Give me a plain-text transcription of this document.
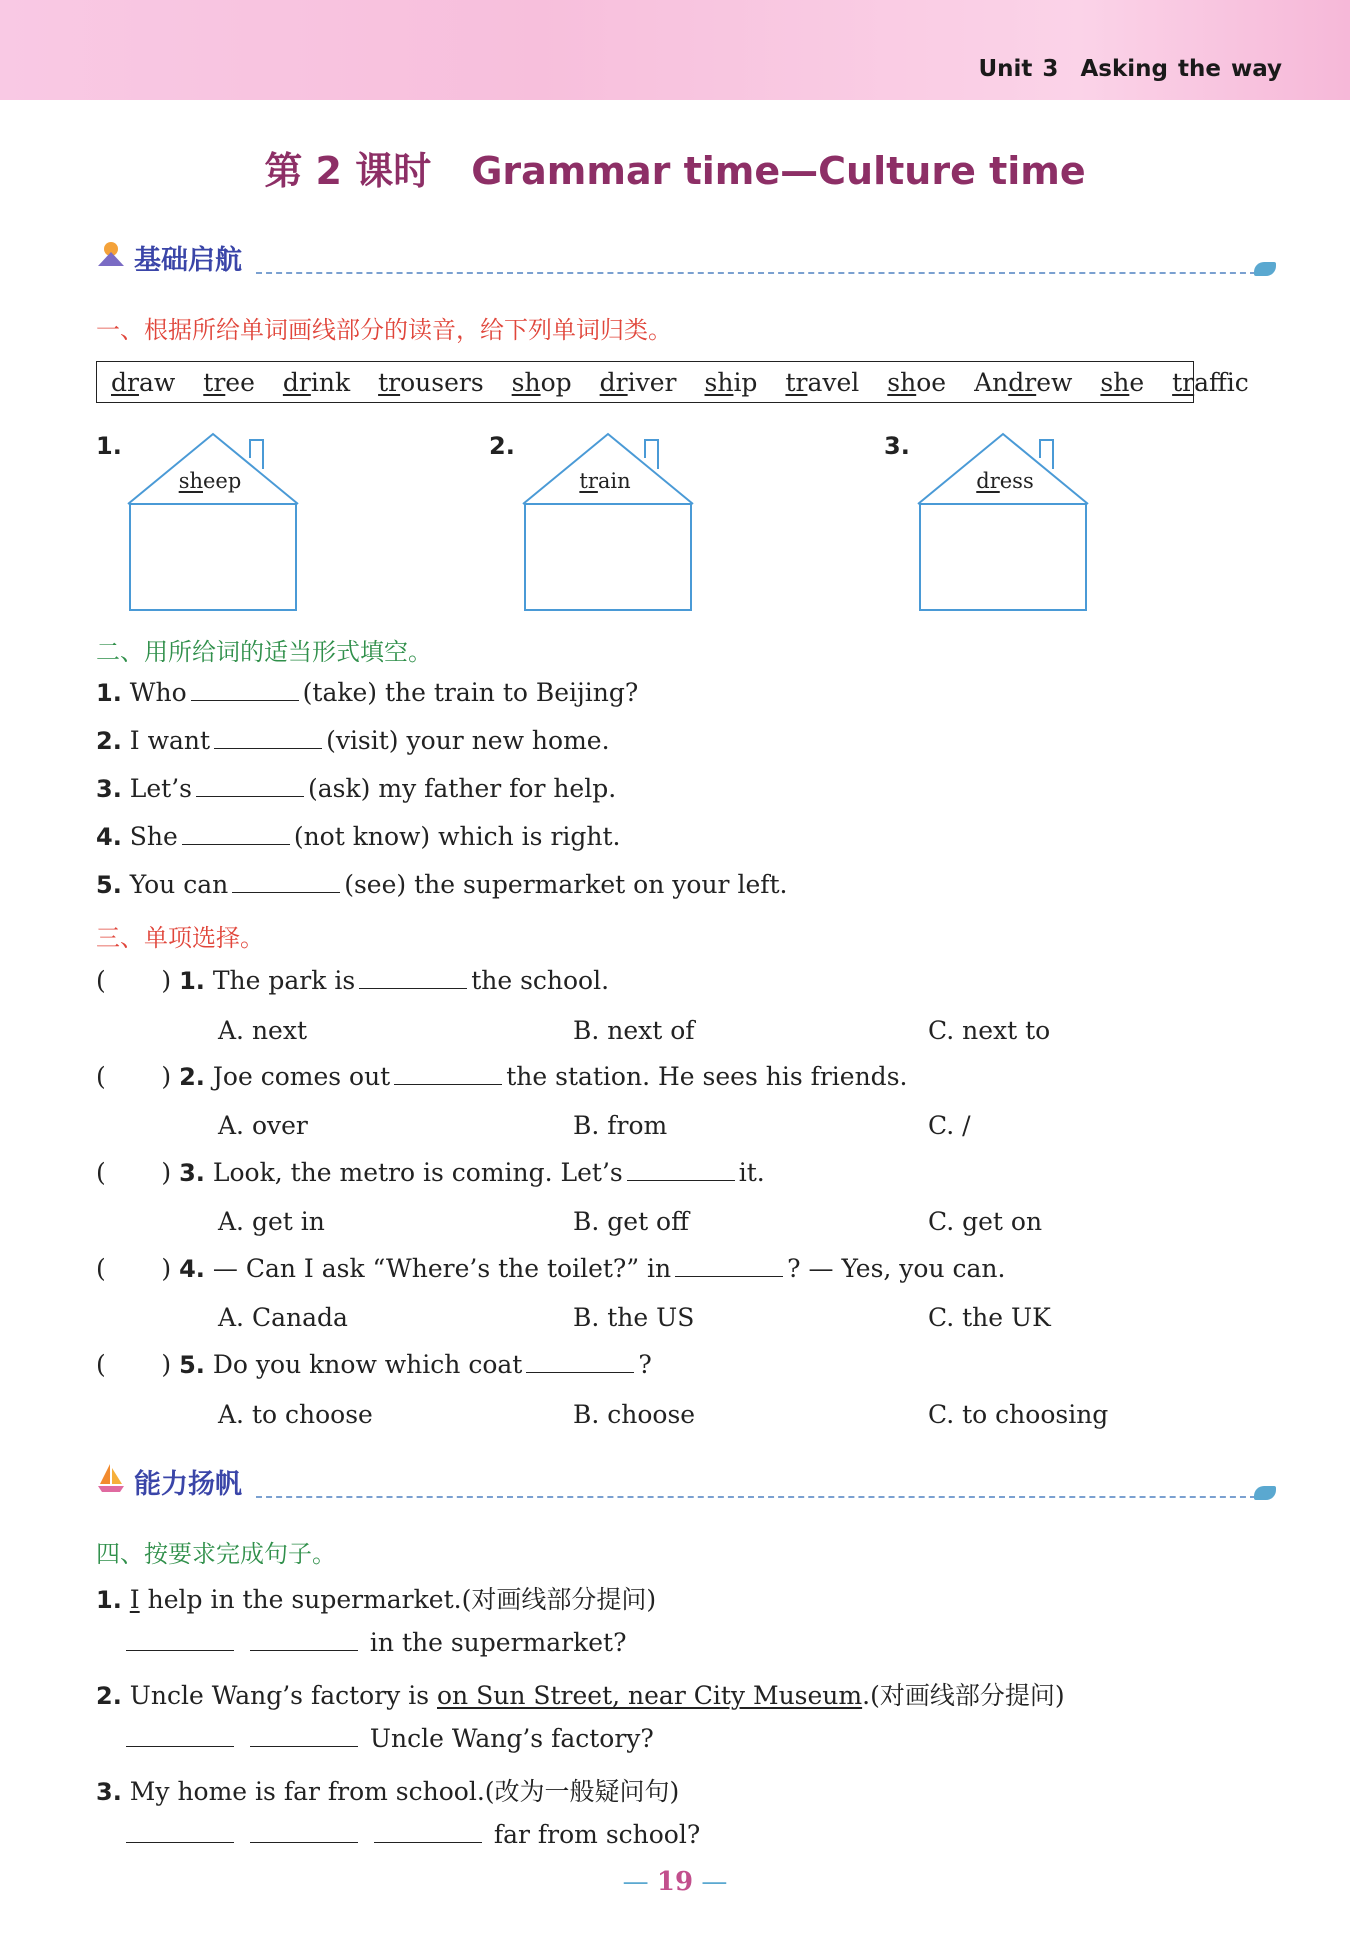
Unit 3 Asking the way
第 2 课时 Grammar time—Culture time
基础启航
一、根据所给单词画线部分的读音，给下列单词归类。
draw tree drink trousers shop driver ship travel shoe Andrew she traffic
1.
sheep
2.
train
3.
dress
二、用所给词的适当形式填空。
1. Who	(take) the train to Beijing?
2. I want	(visit) your new home.
3. Let’s	(ask) my father for help.
4. She	(not know) which is right.
5. You can	(see) the supermarket on your left.
三、单项选择。
(       ) 1. The park is	the school.
A. next	B. next of	C. next to
(       ) 2. Joe comes out	the station. He sees his friends.
A. over	B. from	C. /
(       ) 3. Look, the metro is coming. Let’s	it.
A. get in	B. get off	C. get on
(       ) 4. — Can I ask “Where’s the toilet?” in	? — Yes, you can.
A. Canada	B. the US	C. the UK
(       ) 5. Do you know which coat	?
A. to choose	B. choose	C. to choosing
能力扬帆
四、按要求完成句子。
1. I help in the supermarket.(对画线部分提问)
in the supermarket?
2. Uncle Wang’s factory is on Sun Street, near City Museum.(对画线部分提问)
Uncle Wang’s factory?
3. My home is far from school.(改为一般疑问句)
far from school?
— 19 —
